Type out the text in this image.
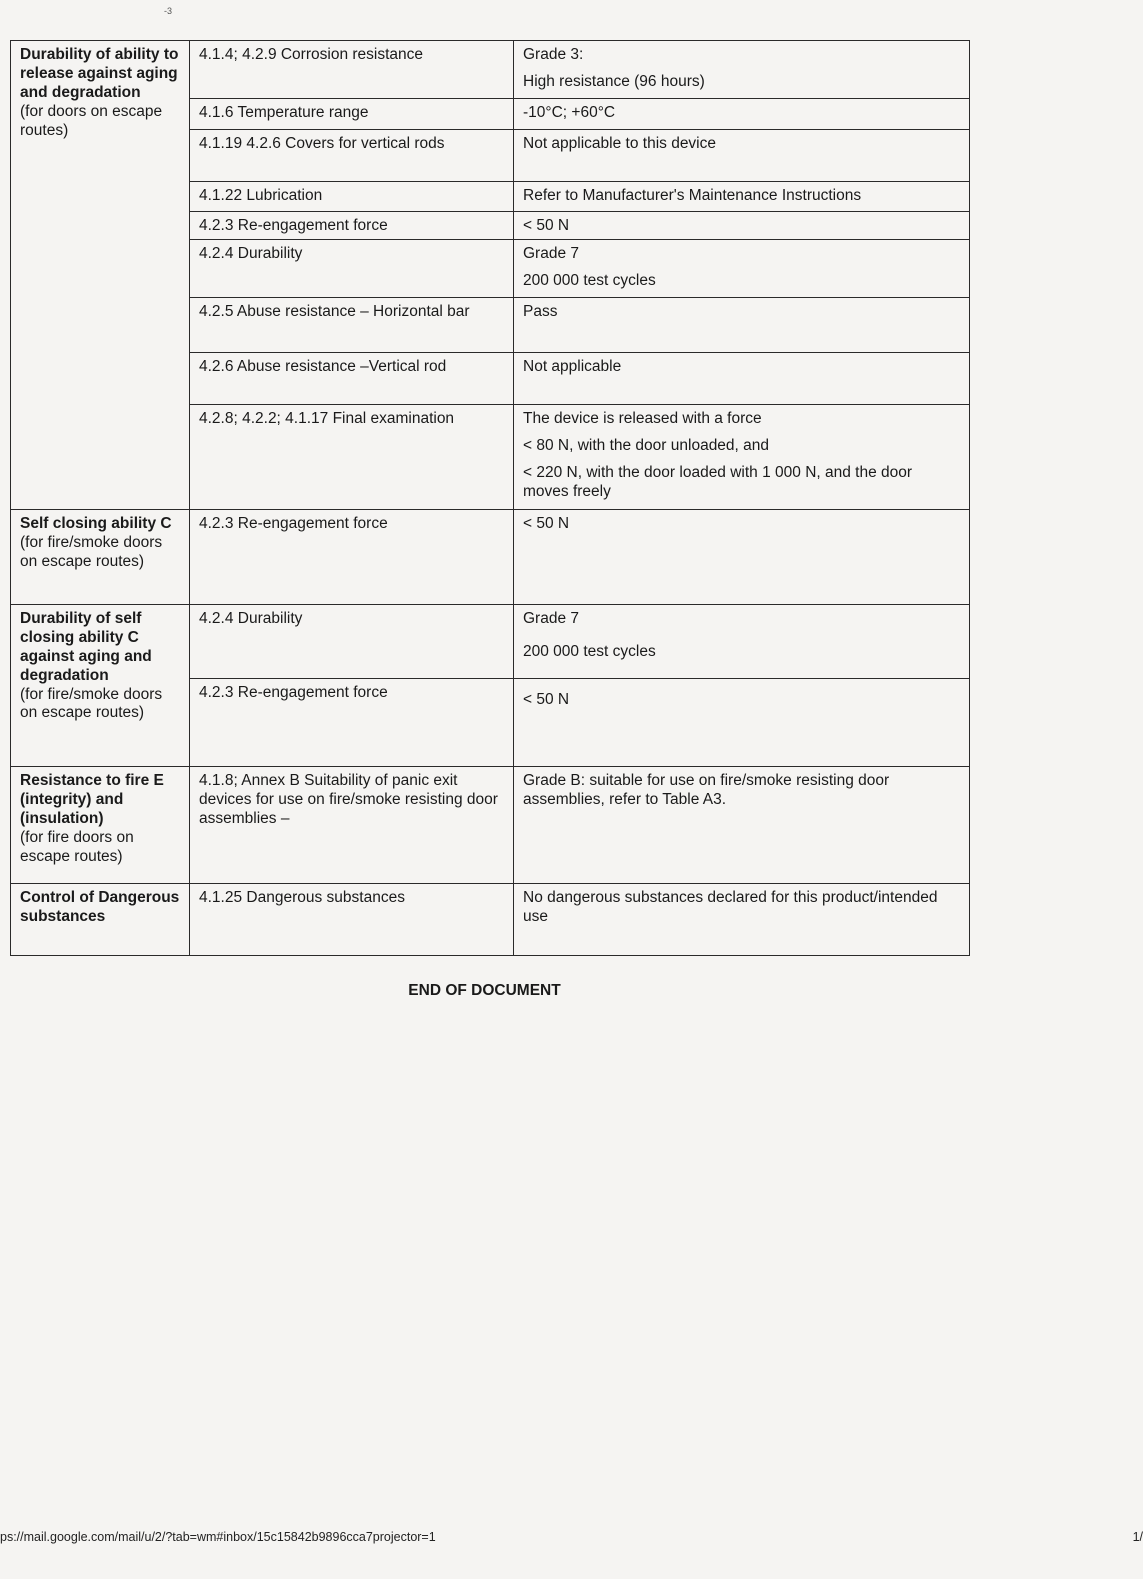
-3
Durability of ability to release against aging and degradation
(for doors on escape routes)	4.1.4; 4.2.9 Corrosion resistance	Grade 3:
High resistance (96 hours)

	4.1.6 Temperature range	-10°C; +60°C

	4.1.19 4.2.6 Covers for vertical rods	Not applicable to this device

	4.1.22 Lubrication	Refer to Manufacturer's Maintenance Instructions

	4.2.3 Re-engagement force	< 50 N

	4.2.4 Durability	Grade 7
200 000 test cycles

	4.2.5 Abuse resistance – Horizontal bar	Pass

	4.2.6 Abuse resistance –Vertical rod	Not applicable

	4.2.8; 4.2.2; 4.1.17 Final examination	The device is released with a force
< 80 N, with the door unloaded, and
< 220 N, with the door loaded with 1 000 N, and the door moves freely

Self closing ability C (for fire/smoke doors on escape routes)	4.2.3 Re-engagement force	< 50 N

Durability of self closing ability C against aging and degradation
(for fire/smoke doors on escape routes)	4.2.4 Durability	Grade 7
200 000 test cycles

	4.2.3 Re-engagement force	< 50 N

Resistance to fire E (integrity) and (insulation)
(for fire doors on escape routes)	4.1.8; Annex B Suitability of panic exit devices for use on fire/smoke resisting door assemblies –	Grade B: suitable for use on fire/smoke resisting door assemblies, refer to Table A3.

Control of Dangerous substances	4.1.25 Dangerous substances	No dangerous substances declared for this product/intended use
END OF DOCUMENT
ps://mail.google.com/mail/u/2/?tab=wm#inbox/15c15842b9896cca7projector=1	1/
